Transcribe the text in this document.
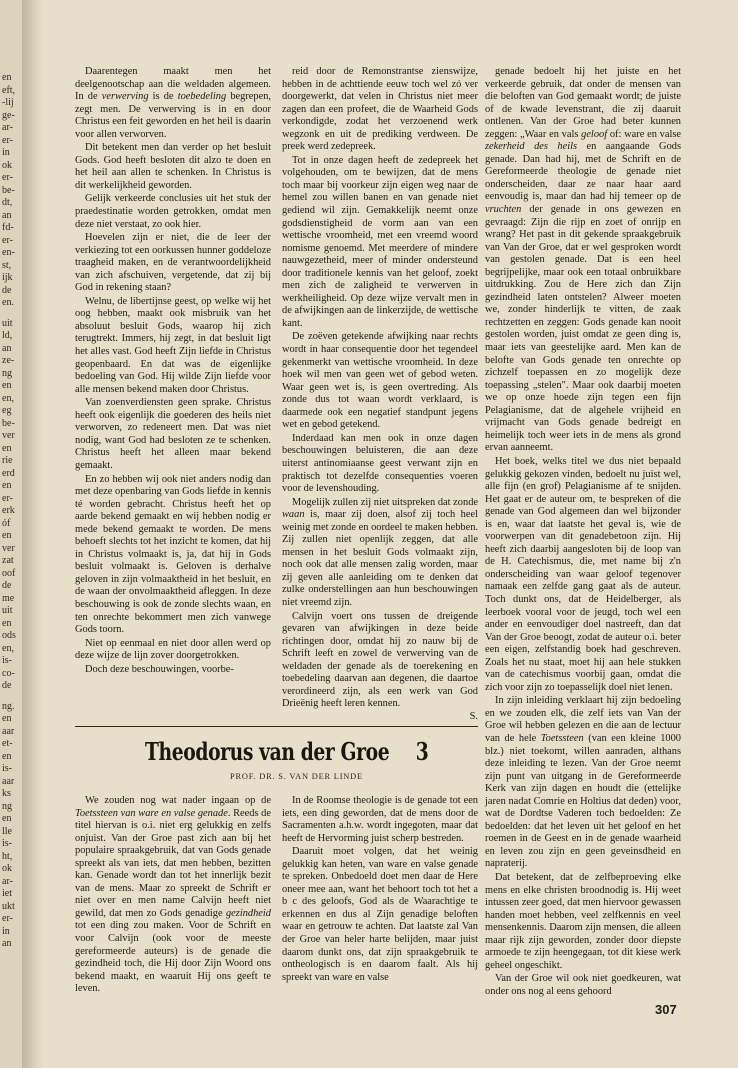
en
eft,
-lij
ge-
ar-
er-
in
ok
er-
be-
dt,
an
fd-
er-
en-
st,
ijk
de
en.
uit
ld,
an
ze-
ng
en
en,
eg
be-
ver
en
rie
erd
en
er-
erk
óf
en
ver
zat
oof
de
me
uit
en
ods
en,
is-
co-
de
ng.
en
aar
et-
en
is-
aar
ks
ng
en
lle
is-
ht,
ok
ar-
iet
ukt
er-
in
an

Daarentegen maakt men het deelgenootschap aan die weldaden algemeen. In de verwerving is de toebedeling begrepen, zegt men. De verwerving is in en door Christus een feit geworden en het heil is daarin voor allen verworven.

Dit betekent men dan verder op het besluit Gods. God heeft besloten dit alzo te doen en het heil aan allen te schenken. In Christus is dit werkelijkheid geworden.

Gelijk verkeerde conclusies uit het stuk der praedestinatie worden getrokken, omdat men deze niet verstaat, zo ook hier.

Hoevelen zijn er niet, die de leer der verkiezing tot een oorkussen hunner goddeloze traagheid maken, en de verantwoordelijkheid van zich afschuiven, vergetende, dat zij bij God in rekening staan?

Welnu, de libertijnse geest, op welke wij het oog hebben, maakt ook misbruik van het absoluut besluit Gods, waarop hij zich terugtrekt. Immers, hij zegt, in dat besluit ligt het alles vast. God heeft Zijn liefde in Christus geopenbaard. En dat was de eigenlijke bedoeling van God. Hij wilde Zijn liefde voor alle mensen bekend maken door Christus.

Van zoenverdiensten geen sprake. Christus heeft ook eigenlijk die goederen des heils niet verworven, zo redeneert men. Dat was niet nodig, want God had besloten ze te schenken. Christus heeft het alleen maar bekend gemaakt.

En zo hebben wij ook niet anders nodig dan met deze openbaring van Gods liefde in kennis té worden gebracht. Christus heeft het op aarde bekend gemaakt en wij hebben nodig er mede bekend gemaakt te worden. De mens behoeft slechts tot het inzicht te komen, dat hij in Christus volmaakt is, ja, dat hij in Gods besluit volmaakt is. Geloven is derhalve geloven in zijn volmaaktheid in het besluit, en de waan der onvolmaaktheid afleggen. In deze beschouwing is ook de zonde slechts waan, en ten onrechte bekommert men zich vanwege Gods toorn.

Niet op eenmaal en niet door allen werd op deze wijze de lijn zover doorgetrokken.

Doch deze beschouwingen, voorbe-

reid door de Remonstrantse zienswijze, hebben in de achttiende eeuw toch wel zó ver doorgewerkt, dat velen in Christus niet meer zagen dan een profeet, die de Waarheid Gods verkondigde, zodat het verzoenend werk wegzonk en uit de prediking verdween. De preek werd zedepreek.

Tot in onze dagen heeft de zedepreek het volgehouden, om te bewijzen, dat de mens toch maar bij voorkeur zijn eigen weg naar de hemel zou willen banen en van genade niet gediend wil zijn. Gemakkelijk neemt onze godsdienstigheid de vorm aan van een wettische vroomheid, met een vreemd woord nomisme genoemd. Met meerdere of mindere nauwgezetheid, meer of minder ondersteund door traditionele kennis van het geloof, zoekt men zich de zaligheid te verwerven in werkheiligheid. Op deze wijze vervalt men in de afwijkingen aan de linkerzijde, de wettische kant.

De zoëven getekende afwijking naar rechts wordt in haar consequentie door het tegendeel gekenmerkt van wettische vroomheid. In deze hoek wil men van geen wet of gebod weten. Waar geen wet is, is geen overtreding. Als zonde dus tot waan wordt verklaard, is daarmede ook een negatief standpunt jegens wet en gebod getekend.

Inderdaad kan men ook in onze dagen beschouwingen beluisteren, die aan deze uiterst antinomiaanse geest verwant zijn en praktisch tot dezelfde consequenties voeren voor de levenshouding.

Mogelijk zullen zij niet uitspreken dat zonde waan is, maar zij doen, alsof zij toch heel weinig met zonde en oordeel te maken hebben. Zij zullen niet openlijk zeggen, dat alle mensen in het besluit Gods volmaakt zijn, noch ook dat alle mensen zalig worden, maar zij geven alle aanleiding om te denken dat zulke onderstellingen aan hun beschouwingen niet vreemd zijn.

Calvijn voert ons tussen de dreigende gevaren van afwijkingen in deze beide richtingen door, omdat hij zo nauw bij de Schrift leeft en zowel de verwerving van de weldaden der genade als de toerekening en toebedeling daarvan aan degenen, die daartoe verordineerd zijn, als een werk van God Drieënig heeft leren kennen.

S.

genade bedoelt hij het juiste en het verkeerde gebruik, dat onder de mensen van die beloften van God gemaakt wordt; de juiste of de kwade levenstrant, die zij daaruit ontlenen. Van der Groe had beter kunnen zeggen: „Waar en vals geloof of: ware en valse zekerheid des heils en aangaande Gods genade. Dan had hij, met de Schrift en de Gereformeerde theologie de genade niet onderscheiden, daar ze naar haar aard eenvoudig is, maar dan had hij temeer op de vruchten der genade in ons gewezen en gevraagd: Zijn die rijp en zoet of onrijp en wrang? Het past in dit gekende spraakgebruik van Van der Groe, dat er wel gesproken wordt van gestolen genade. Dat is een heel begrijpelijke, maar ook een totaal onbruikbare uitdrukking. Zou de Here zich dan Zijn gezindheid laten ontstelen? Alweer moeten we, zonder hinderlijk te vitten, de zaak rechtzetten en zeggen: Gods genade kan nooit gestolen worden, juist omdat ze geen ding is, maar iets van geestelijke aard. Men kan de belofte van Gods genade ten onrechte op zichzelf toepassen en zo mogelijk deze toepassing „stelen". Maar ook daarbij moeten we op onze hoede zijn tegen een fijn Pelagianisme, dat de algehele vrijheid en vrijmacht van Gods genade bedreigt en heimelijk toch weer iets in de mens als grond ervan aanneemt.

Het boek, welks titel we dus niet bepaald gelukkig gekozen vinden, bedoelt nu juist wel, alle fijn (en grof) Pelagianisme af te snijden. Het gaat er de auteur om, te bespreken of die genade van God algemeen dan wel bijzonder is en, waar dat laatste het geval is, wie de voorwerpen van dit genadebetoon zijn. Hij heeft zich daarbij aangesloten bij de loop van de H. Catechismus, die, met name bij z'n onderscheiding van waar geloof tegenover namaak een zelfde gang gaat als de auteur. Toch dunkt ons, dat de Heidelberger, als leerboek vooral voor de jeugd, toch wel een ander en eenvoudiger doel nastreeft, dan dat Van der Groe beoogt, zodat de auteur o.i. beter een eigen, zelfstandig boek had geschreven. Zoals het nu staat, moet hij aan hele stukken van de catechismus voorbij gaan, omdat die zich voor zijn zo toepasselijk doel niet lenen.

In zijn inleiding verklaart hij zijn bedoeling en we zouden elk, die zelf iets van Van der Groe wil hebben gelezen en die aan de lectuur van de hele Toetssteen (van een kleine 1000 blz.) niet toekomt, willen aanraden, althans deze inleiding te lezen. Van der Groe neemt zijn punt van uitgang in de Gereformeerde Kerk van zijn dagen en houdt die (ettelijke jaren nadat Comrie en Holtius dat deden) voor, wat de Dordtse Vaderen toch bedoelden: Ze bedoelden: dat het leven uit het geloof en het roemen in de Geest en in de genade waarheid en leven zou zijn en geen geveinsdheid en napraterij.

Dat betekent, dat de zelfbeproeving elke mens en elke christen broodnodig is. Hij weet intussen zeer goed, dat men hiervoor gewassen handen moet hebben, veel zelfkennis en veel mensenkennis. Daarom zijn mensen, die alleen maar rijk zijn geworden, zonder door diepste armoede te zijn heengegaan, tot dit kiese werk geheel ongeschikt.

Van der Groe wil ook niet goedkeuren, wat onder ons nog al eens gehoord

Theodorus van der Groe 3
PROF. DR. S. VAN DER LINDE

We zouden nog wat nader ingaan op de Toetssteen van ware en valse genade. Reeds de titel hiervan is o.i. niet erg gelukkig en zelfs onjuist. Van der Groe past zich aan bij het populaire spraakgebruik, dat van Gods genade spreekt als van iets, dat men hebben, bezitten kan. Genade wordt dan tot het innerlijk bezit van de mens. Maar zo spreekt de Schrift er niet over en men name Calvijn heeft niet gewild, dat men zo Gods genadige gezindheid tot een ding zou maken. Voor de Schrift en voor Calvijn (ook voor de meeste gereformeerde auteurs) is de genade die gezindheid toch, die Hij door Zijn Woord ons bekend maakt, en waaruit Hij ons geeft te leven.

In de Roomse theologie is de genade tot een iets, een ding geworden, dat de mens door de Sacramenten a.h.w. wordt ingegoten, maar dat heeft de Hervorming juist scherp bestreden.

Daaruit moet volgen, dat het weinig gelukkig kan heten, van ware en valse genade te spreken. Onbedoeld doet men daar de Here oneer mee aan, want het behoort toch tot het a b c des geloofs, God als de Waarachtige te erkennen en dus al Zijn genadige beloften waar en getrouw te achten. Dat laatste zal Van der Groe van heler harte belijden, maar juist daarom dunkt ons, dat zijn spraakgebruik te ontheologisch is en daarom faalt. Als hij spreekt van ware en valse

307
